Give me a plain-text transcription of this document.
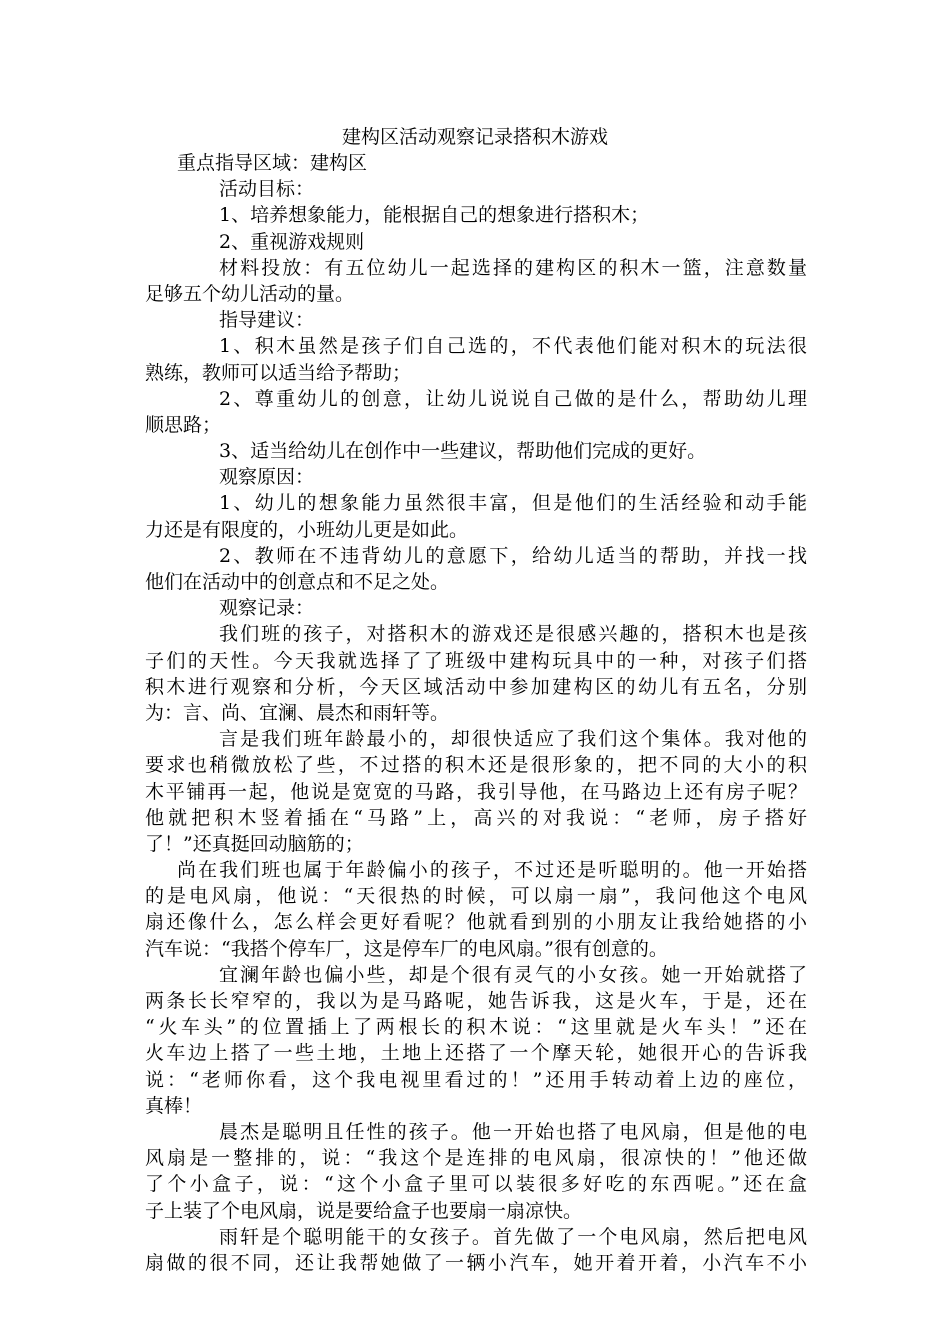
建构区活动观察记录搭积木游戏
重点指导区域：建构区
活动目标：
1、培养想象能力，能根据自己的想象进行搭积木；
2、重视游戏规则
材料投放：有五位幼儿一起选择的建构区的积木一篮，注意数量
足够五个幼儿活动的量。
指导建议：
1、积木虽然是孩子们自己选的，不代表他们能对积木的玩法很
熟练，教师可以适当给予帮助；
2、尊重幼儿的创意，让幼儿说说自己做的是什么，帮助幼儿理
顺思路；
3、适当给幼儿在创作中一些建议，帮助他们完成的更好。
观察原因：
1、幼儿的想象能力虽然很丰富，但是他们的生活经验和动手能
力还是有限度的，小班幼儿更是如此。
2、教师在不违背幼儿的意愿下，给幼儿适当的帮助，并找一找
他们在活动中的创意点和不足之处。
观察记录：
我们班的孩子，对搭积木的游戏还是很感兴趣的，搭积木也是孩
子们的天性。今天我就选择了了班级中建构玩具中的一种，对孩子们搭
积木进行观察和分析，今天区域活动中参加建构区的幼儿有五名，分别
为：言、尚、宜澜、晨杰和雨轩等。
言是我们班年龄最小的，却很快适应了我们这个集体。我对他的
要求也稍微放松了些，不过搭的积木还是很形象的，把不同的大小的积
木平铺再一起，他说是宽宽的马路，我引导他，在马路边上还有房子呢？
他就把积木竖着插在“马路”上，高兴的对我说：“老师，房子搭好
了！”还真挺回动脑筋的；
尚在我们班也属于年龄偏小的孩子，不过还是听聪明的。他一开始搭
的是电风扇，他说：“天很热的时候，可以扇一扇”，我问他这个电风
扇还像什么，怎么样会更好看呢？他就看到别的小朋友让我给她搭的小
汽车说：“我搭个停车厂，这是停车厂的电风扇。”很有创意的。
宜澜年龄也偏小些，却是个很有灵气的小女孩。她一开始就搭了
两条长长窄窄的，我以为是马路呢，她告诉我，这是火车，于是，还在
“火车头”的位置插上了两根长的积木说：“这里就是火车头！”还在
火车边上搭了一些土地，土地上还搭了一个摩天轮，她很开心的告诉我
说：“老师你看，这个我电视里看过的！”还用手转动着上边的座位，
真棒！
晨杰是聪明且任性的孩子。他一开始也搭了电风扇，但是他的电
风扇是一整排的，说：“我这个是连排的电风扇，很凉快的！”他还做
了个小盒子，说：“这个小盒子里可以装很多好吃的东西呢。”还在盒
子上装了个电风扇，说是要给盒子也要扇一扇凉快。
雨轩是个聪明能干的女孩子。首先做了一个电风扇，然后把电风
扇做的很不同，还让我帮她做了一辆小汽车，她开着开着，小汽车不小
